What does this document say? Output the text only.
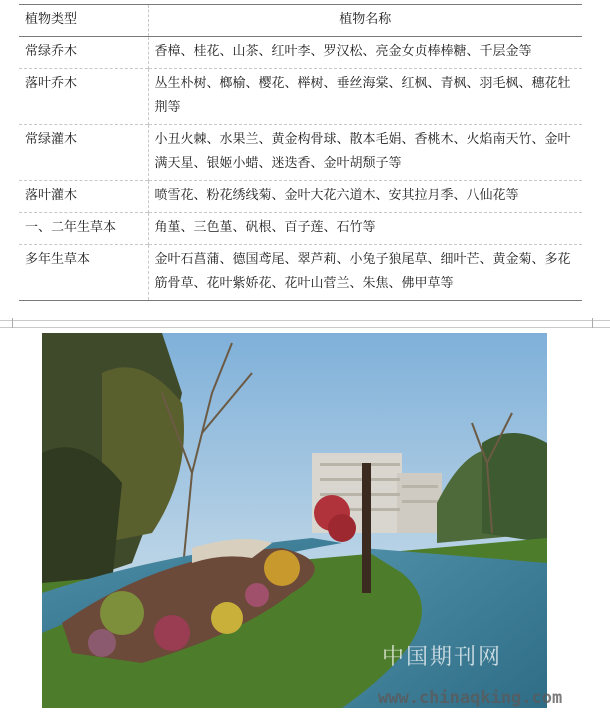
植物类型	植物名称
常绿乔木	香樟、桂花、山茶、红叶李、罗汉松、亮金女贞棒棒糖、千层金等
落叶乔木	丛生朴树、榔榆、樱花、榉树、垂丝海棠、红枫、青枫、羽毛枫、穗花牡荆等
常绿灌木	小丑火棘、水果兰、黄金构骨球、散本毛娟、香桃木、火焰南天竹、金叶满天星、银姬小蜡、迷迭香、金叶胡颓子等
落叶灌木	喷雪花、粉花绣线菊、金叶大花六道木、安其拉月季、八仙花等
一、二年生草本	角堇、三色堇、矾根、百子莲、石竹等
多年生草本	金叶石菖蒲、德国鸢尾、翠芦莉、小兔子狼尾草、细叶芒、黄金菊、多花筋骨草、花叶紫娇花、花叶山菅兰、朱焦、佛甲草等
中国期刊网
www.chinaqking.com
